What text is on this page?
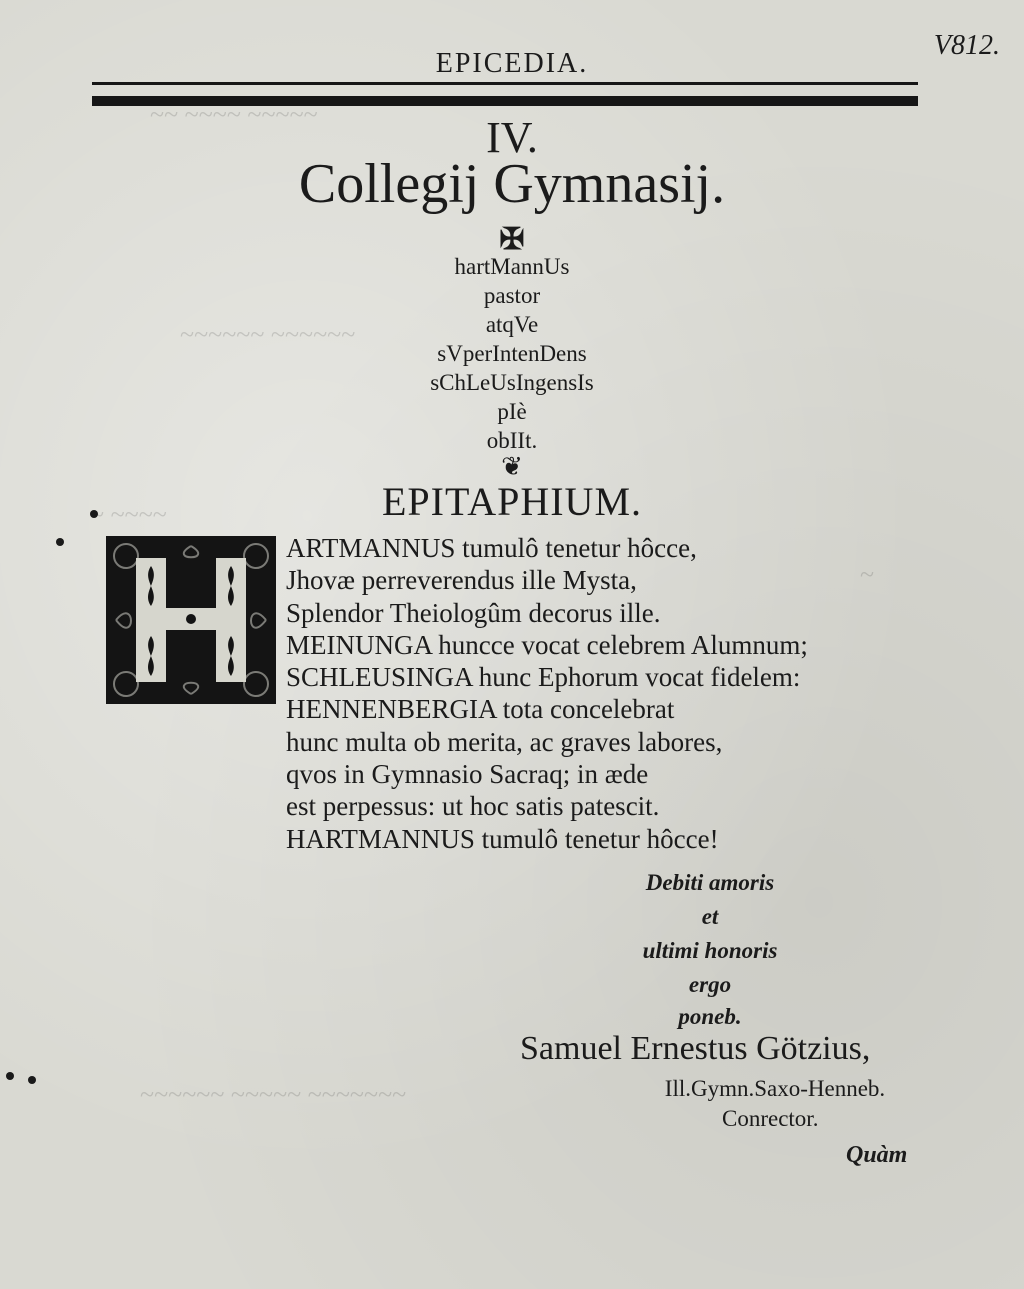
~~ ~~~~ ~~~~~
~~~~~~ ~~~~~~
~ ~~~~
~
~~~~~~ ~~~~~ ~~~~~~~
EPICEDIA.
V812.
IV.
Collegij Gymnasij.
✠
hartMannUs
pastor
atqVe
sVperIntenDens
sChLeUsIngensIs
pIè
obIIt.
❦
EPITAPHIUM.
ARTMANNUS tumulô tenetur hôcce,
Jhovæ perreverendus ille Mysta,
Splendor Theiologûm decorus ille.
MEINUNGA huncce vocat celebrem Alumnum;
SCHLEUSINGA hunc Ephorum vocat fidelem:
HENNENBERGIA tota concelebrat
hunc multa ob merita, ac graves labores,
qvos in Gymnasio Sacraq; in æde
est perpessus: ut hoc satis patescit.
HARTMANNUS tumulô tenetur hôcce!
Debiti amoris
et
ultimi honoris
ergo
poneb.
Samuel Ernestus Götzius,
Ill.Gymn.Saxo-Henneb.
Conrector.
Quàm
